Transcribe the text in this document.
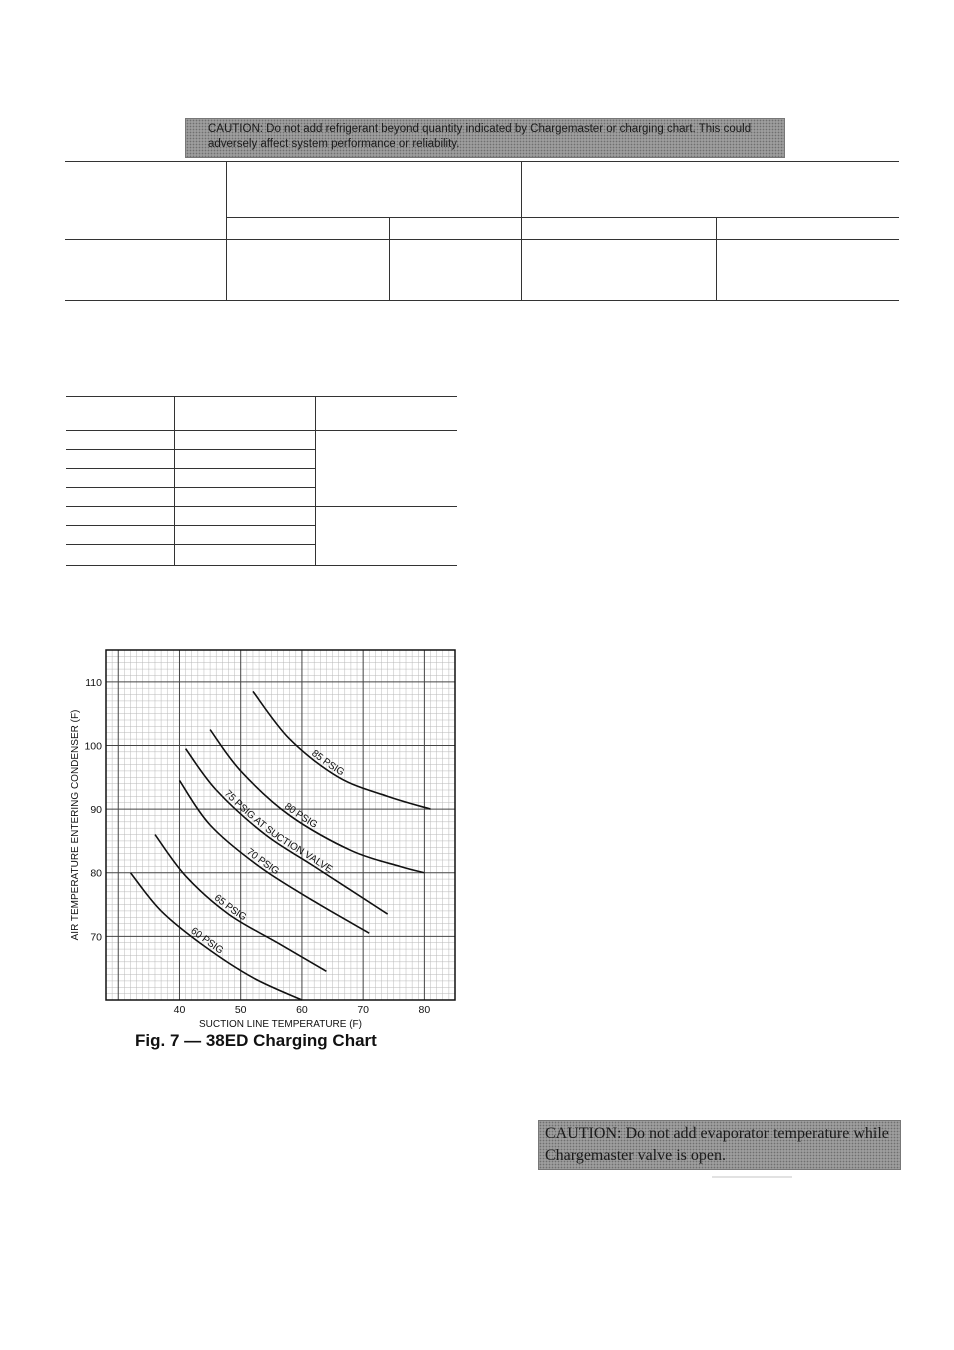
CAUTION: Do not add refrigerant beyond quantity indicated by Chargemaster or charging chart. This could adversely affect system performance or reliability.
70
80
90
100
110
40	50	60	70	80
85 PSIG
80 PSIG
75 PSIG AT SUCTION VALVE
70 PSIG
65 PSIG
60 PSIG
SUCTION LINE TEMPERATURE (F)
AIR TEMPERATURE ENTERING CONDENSER (F)
Fig. 7 — 38ED Charging Chart
CAUTION: Do not add evaporator temperature while Chargemaster valve is open.
